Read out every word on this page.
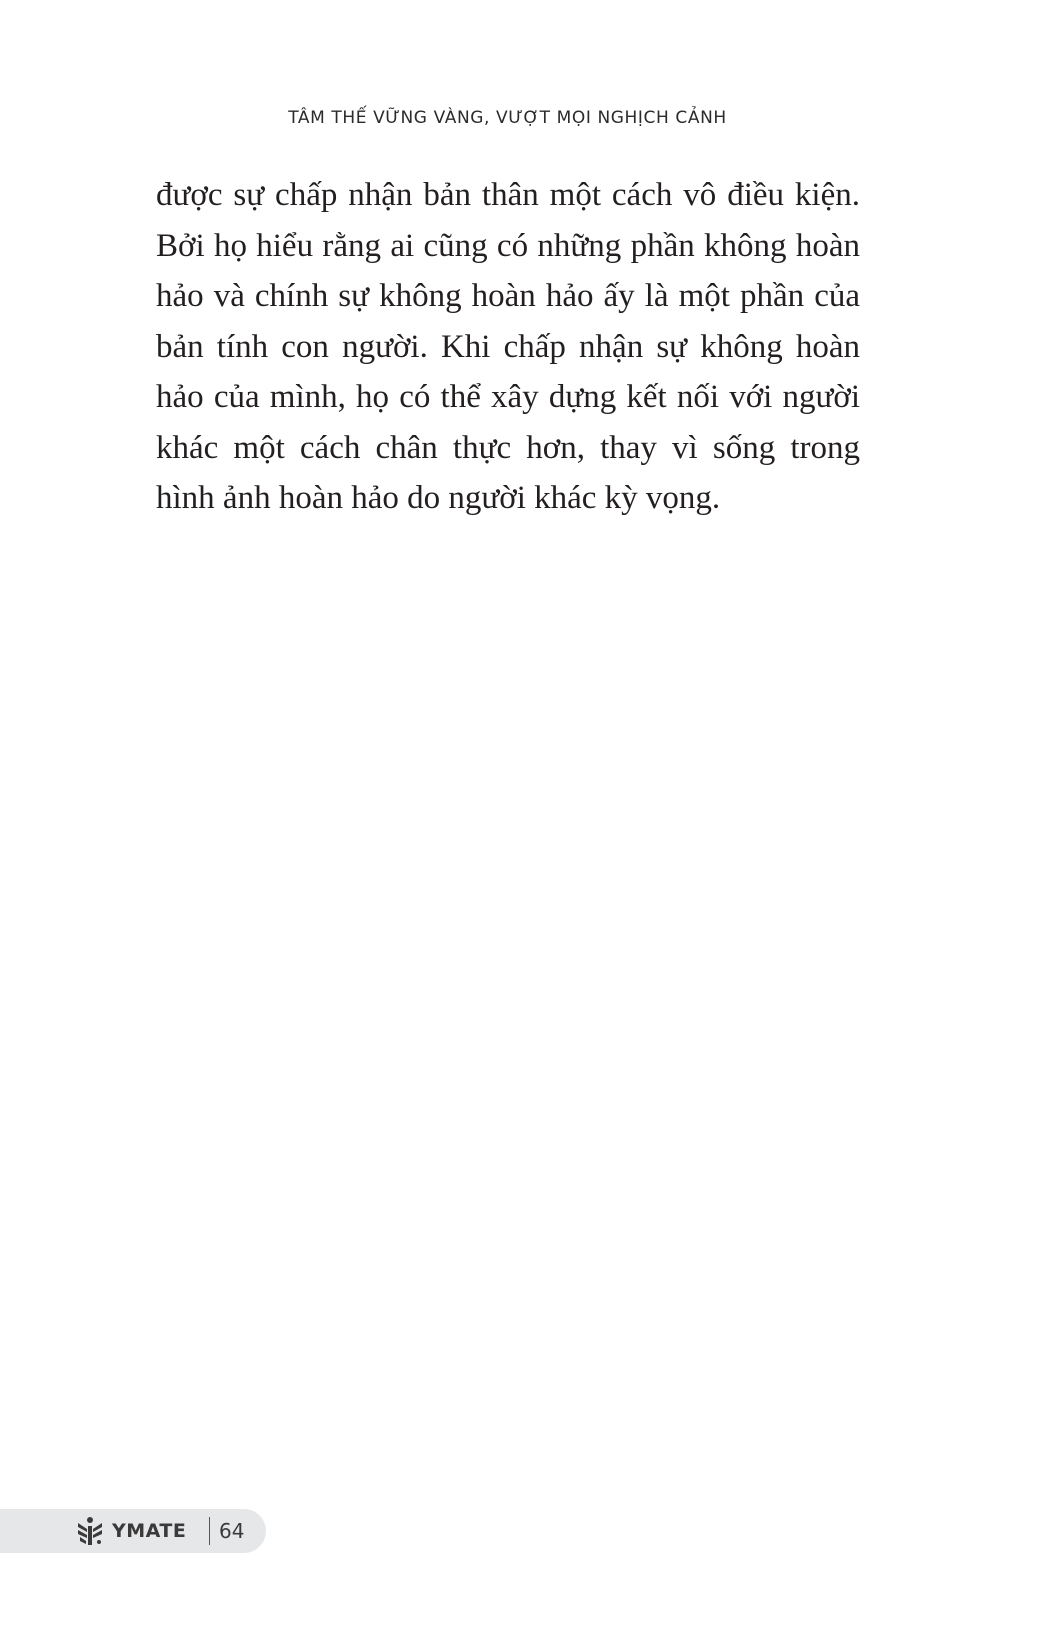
TÂM THẾ VỮNG VÀNG, VƯỢT MỌI NGHỊCH CẢNH
được sự chấp nhận bản thân một cách vô điều kiện.
Bởi họ hiểu rằng ai cũng có những phần không hoàn
hảo và chính sự không hoàn hảo ấy là một phần của
bản tính con người. Khi chấp nhận sự không hoàn
hảo của mình, họ có thể xây dựng kết nối với người
khác một cách chân thực hơn, thay vì sống trong
hình ảnh hoàn hảo do người khác kỳ vọng.
YMATE 64
